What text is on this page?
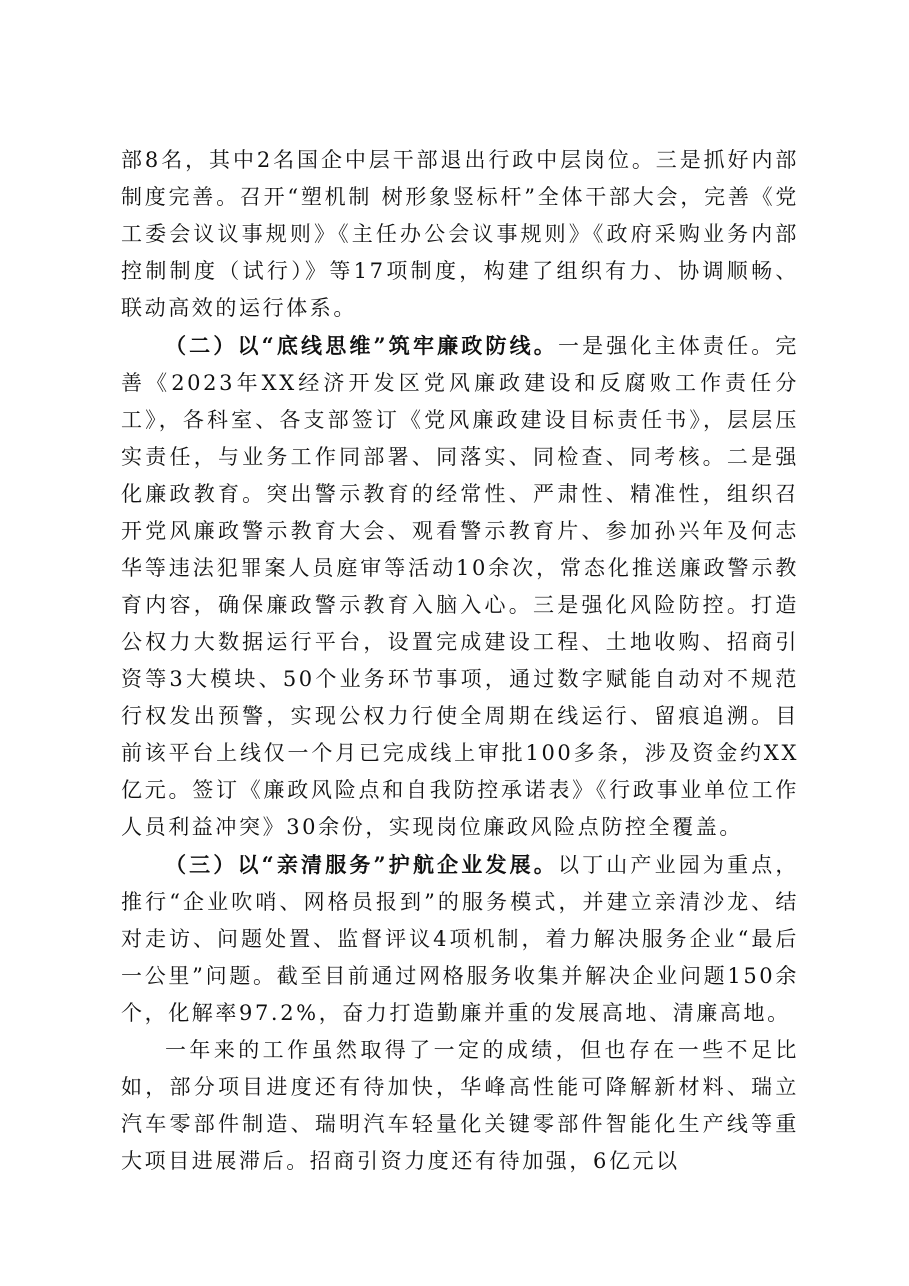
部8名，其中2名国企中层干部退出行政中层岗位。三是抓好内部制度完善。召开“塑机制 树形象竖标杆”全体干部大会，完善《党工委会议议事规则》《主任办公会议事规则》《政府采购业务内部控制制度（试行）》等17项制度，构建了组织有力、协调顺畅、联动高效的运行体系。

（二）以“底线思维”筑牢廉政防线。一是强化主体责任。完善《2023年XX经济开发区党风廉政建设和反腐败工作责任分工》，各科室、各支部签订《党风廉政建设目标责任书》，层层压实责任，与业务工作同部署、同落实、同检查、同考核。二是强化廉政教育。突出警示教育的经常性、严肃性、精准性，组织召开党风廉政警示教育大会、观看警示教育片、参加孙兴年及何志华等违法犯罪案人员庭审等活动10余次，常态化推送廉政警示教育内容，确保廉政警示教育入脑入心。三是强化风险防控。打造公权力大数据运行平台，设置完成建设工程、土地收购、招商引资等3大模块、50个业务环节事项，通过数字赋能自动对不规范行权发出预警，实现公权力行使全周期在线运行、留痕追溯。目前该平台上线仅一个月已完成线上审批100多条，涉及资金约XX亿元。签订《廉政风险点和自我防控承诺表》《行政事业单位工作人员利益冲突》30余份，实现岗位廉政风险点防控全覆盖。

（三）以“亲清服务”护航企业发展。以丁山产业园为重点，推行“企业吹哨、网格员报到”的服务模式，并建立亲清沙龙、结对走访、问题处置、监督评议4项机制，着力解决服务企业“最后一公里”问题。截至目前通过网格服务收集并解决企业问题150余个，化解率97.2%，奋力打造勤廉并重的发展高地、清廉高地。

一年来的工作虽然取得了一定的成绩，但也存在一些不足比如，部分项目进度还有待加快，华峰高性能可降解新材料、瑞立汽车零部件制造、瑞明汽车轻量化关键零部件智能化生产线等重大项目进展滞后。招商引资力度还有待加强，6亿元以
